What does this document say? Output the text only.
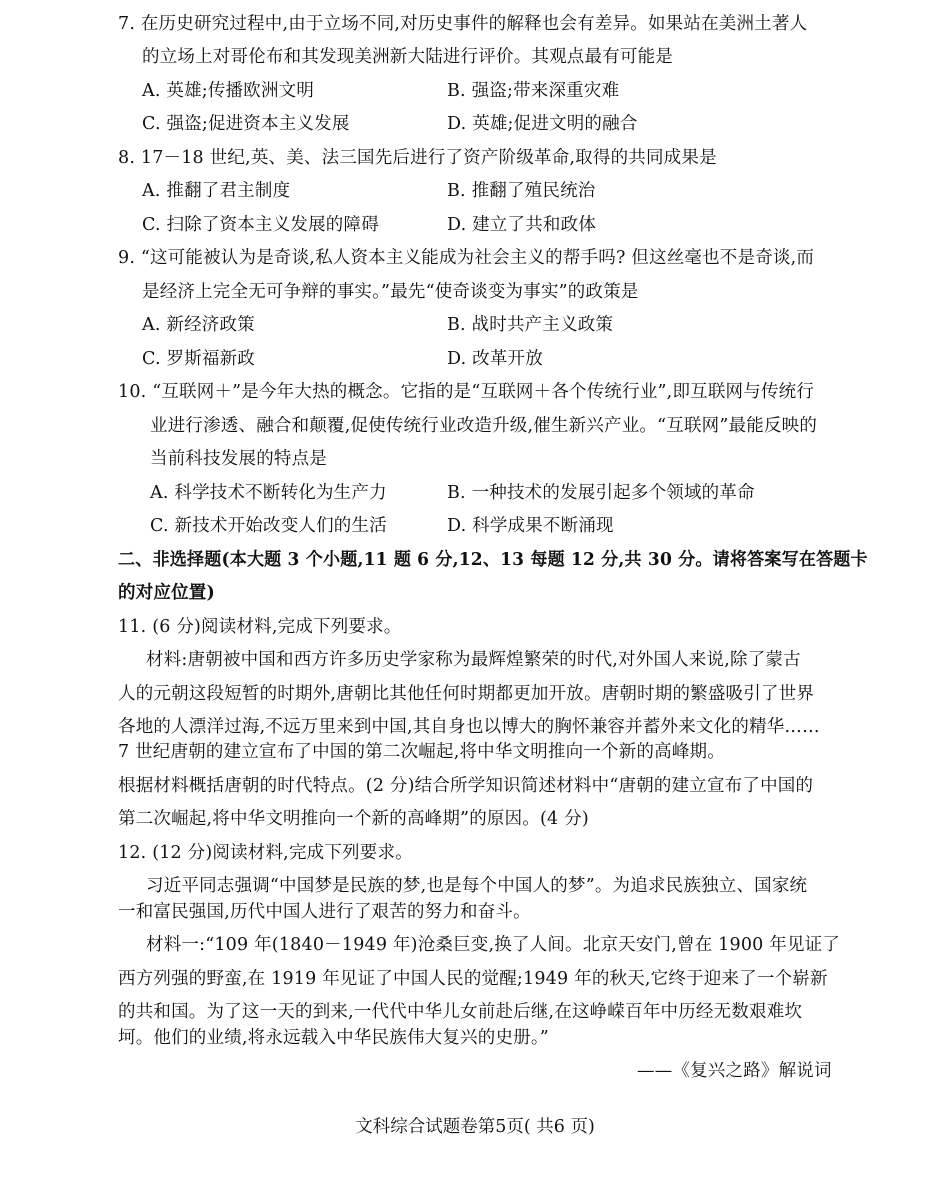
7. 在历史研究过程中,由于立场不同,对历史事件的解释也会有差异。如果站在美洲土著人
的立场上对哥伦布和其发现美洲新大陆进行评价。其观点最有可能是
A. 英雄;传播欧洲文明	B. 强盗;带来深重灾难
C. 强盗;促进资本主义发展	D. 英雄;促进文明的融合
8. 17－18 世纪,英、美、法三国先后进行了资产阶级革命,取得的共同成果是
A. 推翻了君主制度	B. 推翻了殖民统治
C. 扫除了资本主义发展的障碍	D. 建立了共和政体
9. “这可能被认为是奇谈,私人资本主义能成为社会主义的帮手吗? 但这丝毫也不是奇谈,而
是经济上完全无可争辩的事实。”最先“使奇谈变为事实”的政策是
A. 新经济政策	B. 战时共产主义政策
C. 罗斯福新政	D. 改革开放
10. “互联网＋”是今年大热的概念。它指的是“互联网＋各个传统行业”,即互联网与传统行
业进行渗透、融合和颠覆,促使传统行业改造升级,催生新兴产业。“互联网”最能反映的
当前科技发展的特点是
A. 科学技术不断转化为生产力	B. 一种技术的发展引起多个领域的革命
C. 新技术开始改变人们的生活	D. 科学成果不断涌现
二、非选择题(本大题 3 个小题,11 题 6 分,12、13 每题 12 分,共 30 分。请将答案写在答题卡
的对应位置)
11. (6 分)阅读材料,完成下列要求。
材料:唐朝被中国和西方许多历史学家称为最辉煌繁荣的时代,对外国人来说,除了蒙古
人的元朝这段短暂的时期外,唐朝比其他任何时期都更加开放。唐朝时期的繁盛吸引了世界
各地的人漂洋过海,不远万里来到中国,其自身也以博大的胸怀兼容并蓄外来文化的精华……
7 世纪唐朝的建立宣布了中国的第二次崛起,将中华文明推向一个新的高峰期。
根据材料概括唐朝的时代特点。(2 分)结合所学知识简述材料中“唐朝的建立宣布了中国的
第二次崛起,将中华文明推向一个新的高峰期”的原因。(4 分)
12. (12 分)阅读材料,完成下列要求。
习近平同志强调“中国梦是民族的梦,也是每个中国人的梦”。为追求民族独立、国家统
一和富民强国,历代中国人进行了艰苦的努力和奋斗。
材料一:“109 年(1840－1949 年)沧桑巨变,换了人间。北京天安门,曾在 1900 年见证了
西方列强的野蛮,在 1919 年见证了中国人民的觉醒;1949 年的秋天,它终于迎来了一个崭新
的共和国。为了这一天的到来,一代代中华儿女前赴后继,在这峥嵘百年中历经无数艰难坎
坷。他们的业绩,将永远载入中华民族伟大复兴的史册。”
——《复兴之路》解说词
文科综合试题卷第5页( 共6 页)
